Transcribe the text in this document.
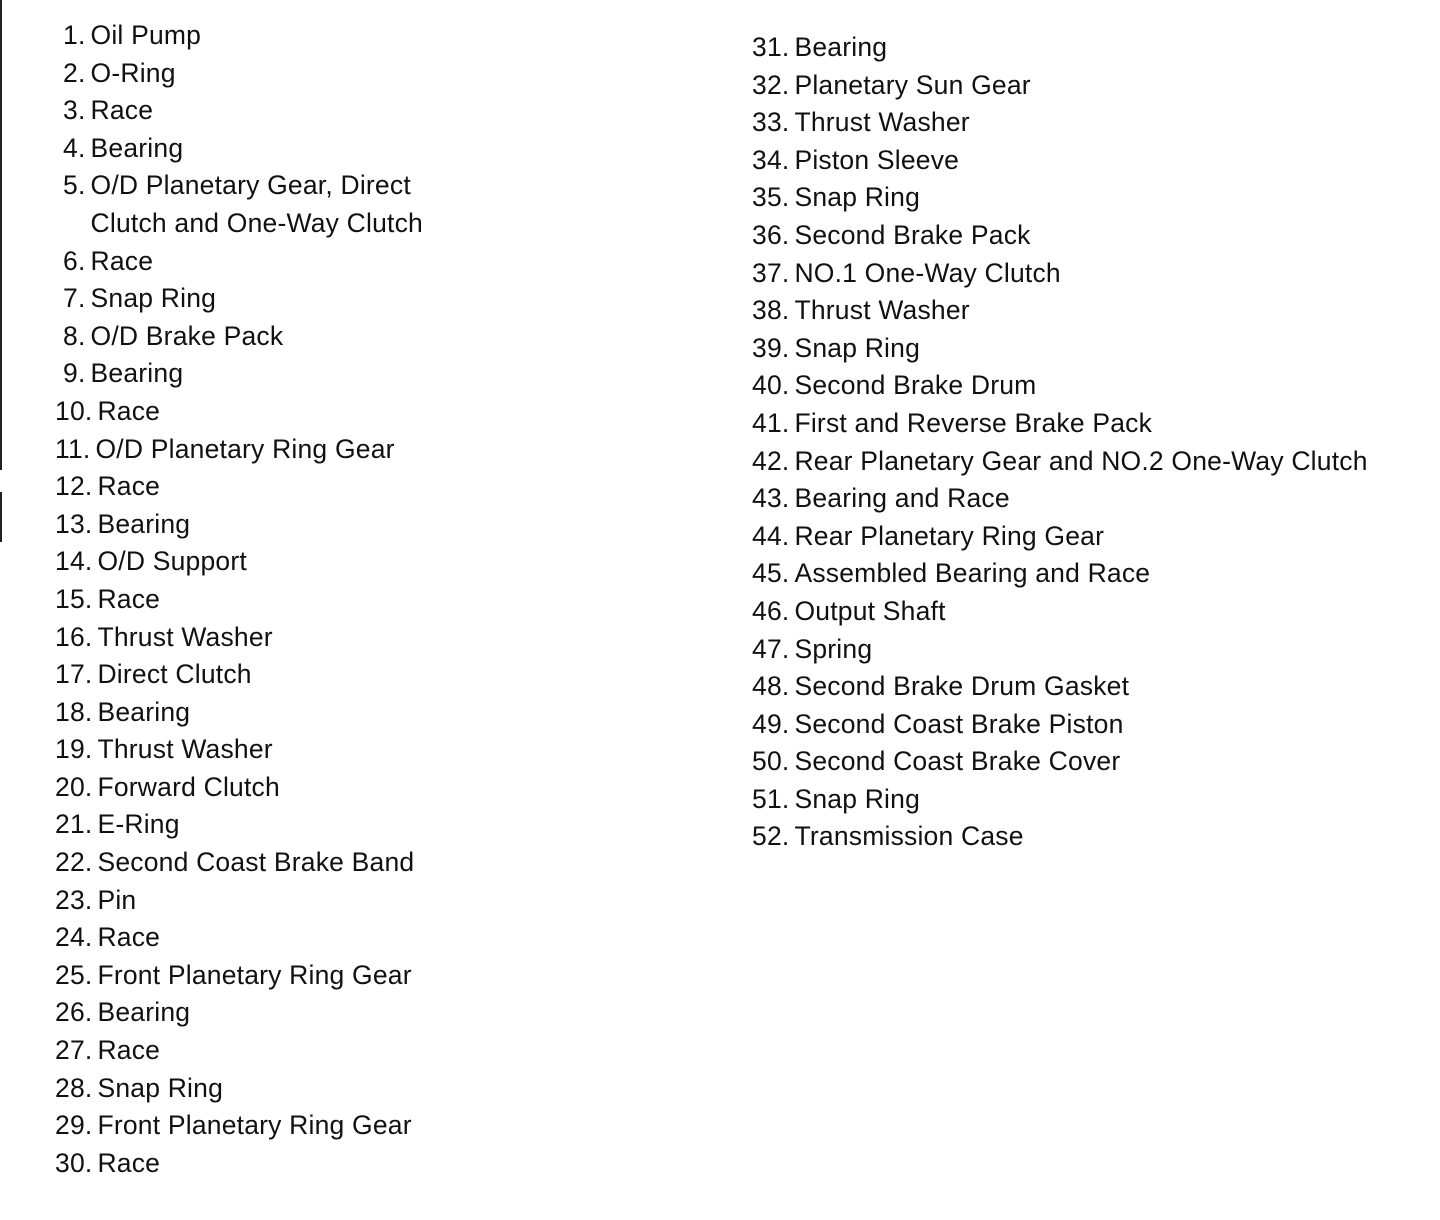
1. Oil Pump
2. O-Ring
3. Race
4. Bearing
5. O/D Planetary Gear, Direct
Clutch and One-Way Clutch
6. Race
7. Snap Ring
8. O/D Brake Pack
9. Bearing
10. Race
11. O/D Planetary Ring Gear
12. Race
13. Bearing
14. O/D Support
15. Race
16. Thrust Washer
17. Direct Clutch
18. Bearing
19. Thrust Washer
20. Forward Clutch
21. E-Ring
22. Second Coast Brake Band
23. Pin
24. Race
25. Front Planetary Ring Gear
26. Bearing
27. Race
28. Snap Ring
29. Front Planetary Ring Gear
30. Race
31. Bearing
32. Planetary Sun Gear
33. Thrust Washer
34. Piston Sleeve
35. Snap Ring
36. Second Brake Pack
37. NO.1 One-Way Clutch
38. Thrust Washer
39. Snap Ring
40. Second Brake Drum
41. First and Reverse Brake Pack
42. Rear Planetary Gear and NO.2 One-Way Clutch
43. Bearing and Race
44. Rear Planetary Ring Gear
45. Assembled Bearing and Race
46. Output Shaft
47. Spring
48. Second Brake Drum Gasket
49. Second Coast Brake Piston
50. Second Coast Brake Cover
51. Snap Ring
52. Transmission Case
